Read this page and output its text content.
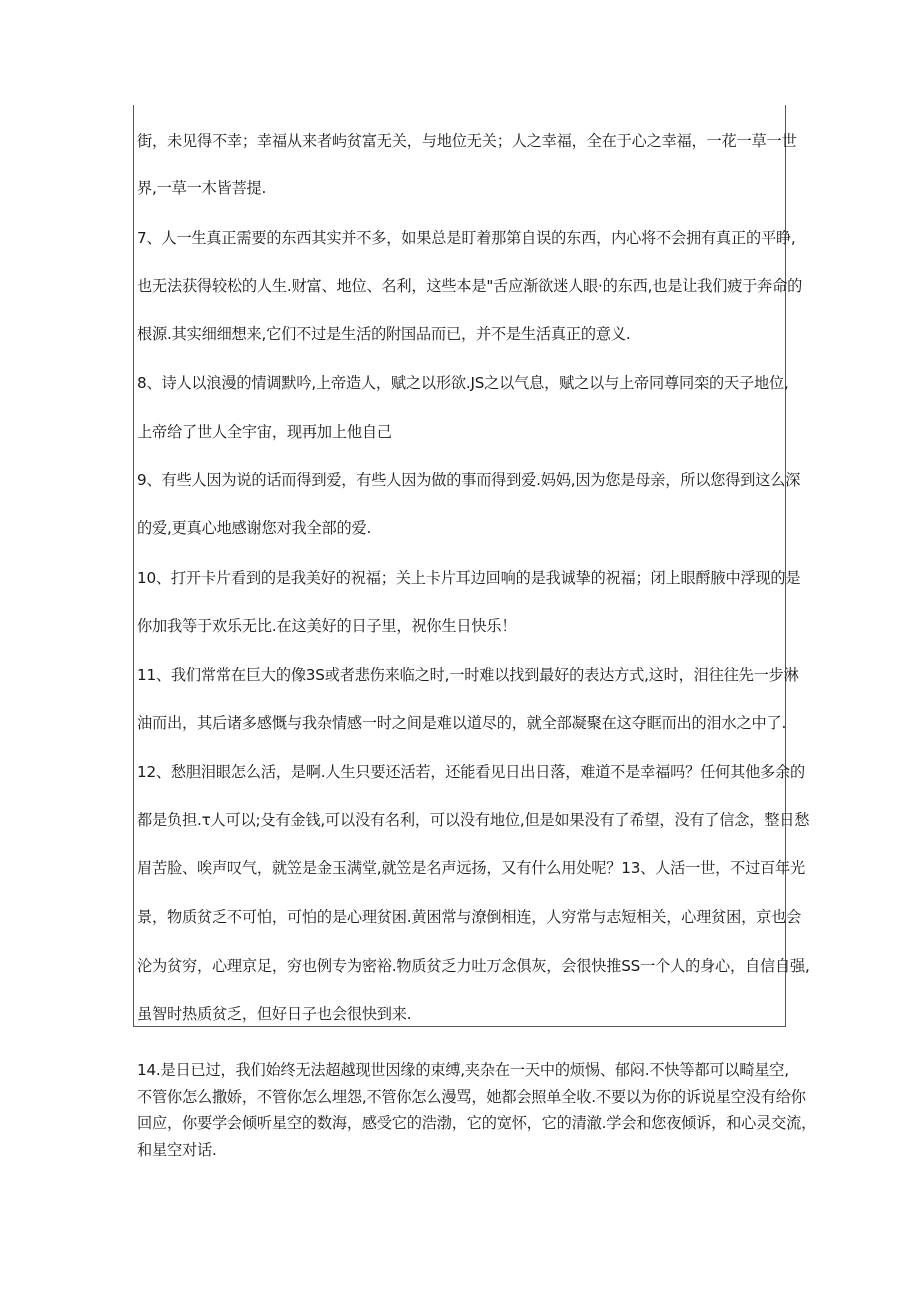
街，未见得不幸；幸福从来者屿贫富无关，与地位无关；人之幸福，全在于心之幸福，一花一草一世
界,一草一木皆菩提.
7、人一生真正需要的东西其实并不多，如果总是盯着那第自误的东西，内心将不会拥有真正的平睁,
也无法获得较松的人生.财富、地位、名利，这些本是"舌应渐欲迷人眼·的东西,也是让我们疲于奔命的
根源.其实细细想来,它们不过是生活的附国品而已，并不是生活真正的意义.
8、诗人以浪漫的情调默吟,上帝造人，赋之以形欲.JS之以气息，赋之以与上帝同尊同栾的天子地位,
上帝给了世人全宇宙，现再加上他自己
9、有些人因为说的话而得到爱，有些人因为做的事而得到爱.妈妈,因为您是母亲，所以您得到这么深
的爱,更真心地感谢您对我全部的爱.
10、打开卡片看到的是我美好的祝福；关上卡片耳边回响的是我诚挚的祝福；闭上眼酹腋中浮现的是
你加我等于欢乐无比.在这美好的日子里，祝你生日快乐！
11、我们常常在巨大的像3S或者悲伤来临之时,一时难以找到最好的表达方式,这时，泪往往先一步淋
油而出，其后诸多感慨与我杂情感一时之间是难以道尽的，就全部凝聚在这夺眶而出的泪水之中了.
12、愁胆泪眼怎么活，是啊.人生只要还活若，还能看见日出日落，难道不是幸福吗？任何其他多余的
都是负担.τ人可以;殳有金钱,可以没有名利，可以没有地位,但是如果没有了希望，没有了信念，整日愁
眉苦脸、唉声叹气，就笠是金玉满堂,就笠是名声远扬，又有什么用处呢？13、人活一世，不过百年光
景，物质贫乏不可怕，可怕的是心理贫困.黄困常与潦倒相连，人穷常与志短相关，心理贫困，京也会
沦为贫穷，心理京足，穷也例专为密裕.物质贫乏力吐万念俱灰，会很快推SS一个人的身心，自信自强,
虽智时热质贫乏，但好日子也会很快到来.
14.是日已过，我们始终无法超越现世因缘的束缚,夹杂在一天中的烦惕、郁闷.不快等都可以畸星空,
不管你怎么撒娇，不管你怎么埋怨,不管你怎么漫骂，她都会照单全收.不要以为你的诉说星空没有给你
回应，你要学会倾听星空的数海，感受它的浩渤，它的宽怀，它的清澈.学会和您夜倾诉，和心灵交流，
和星空对话.
